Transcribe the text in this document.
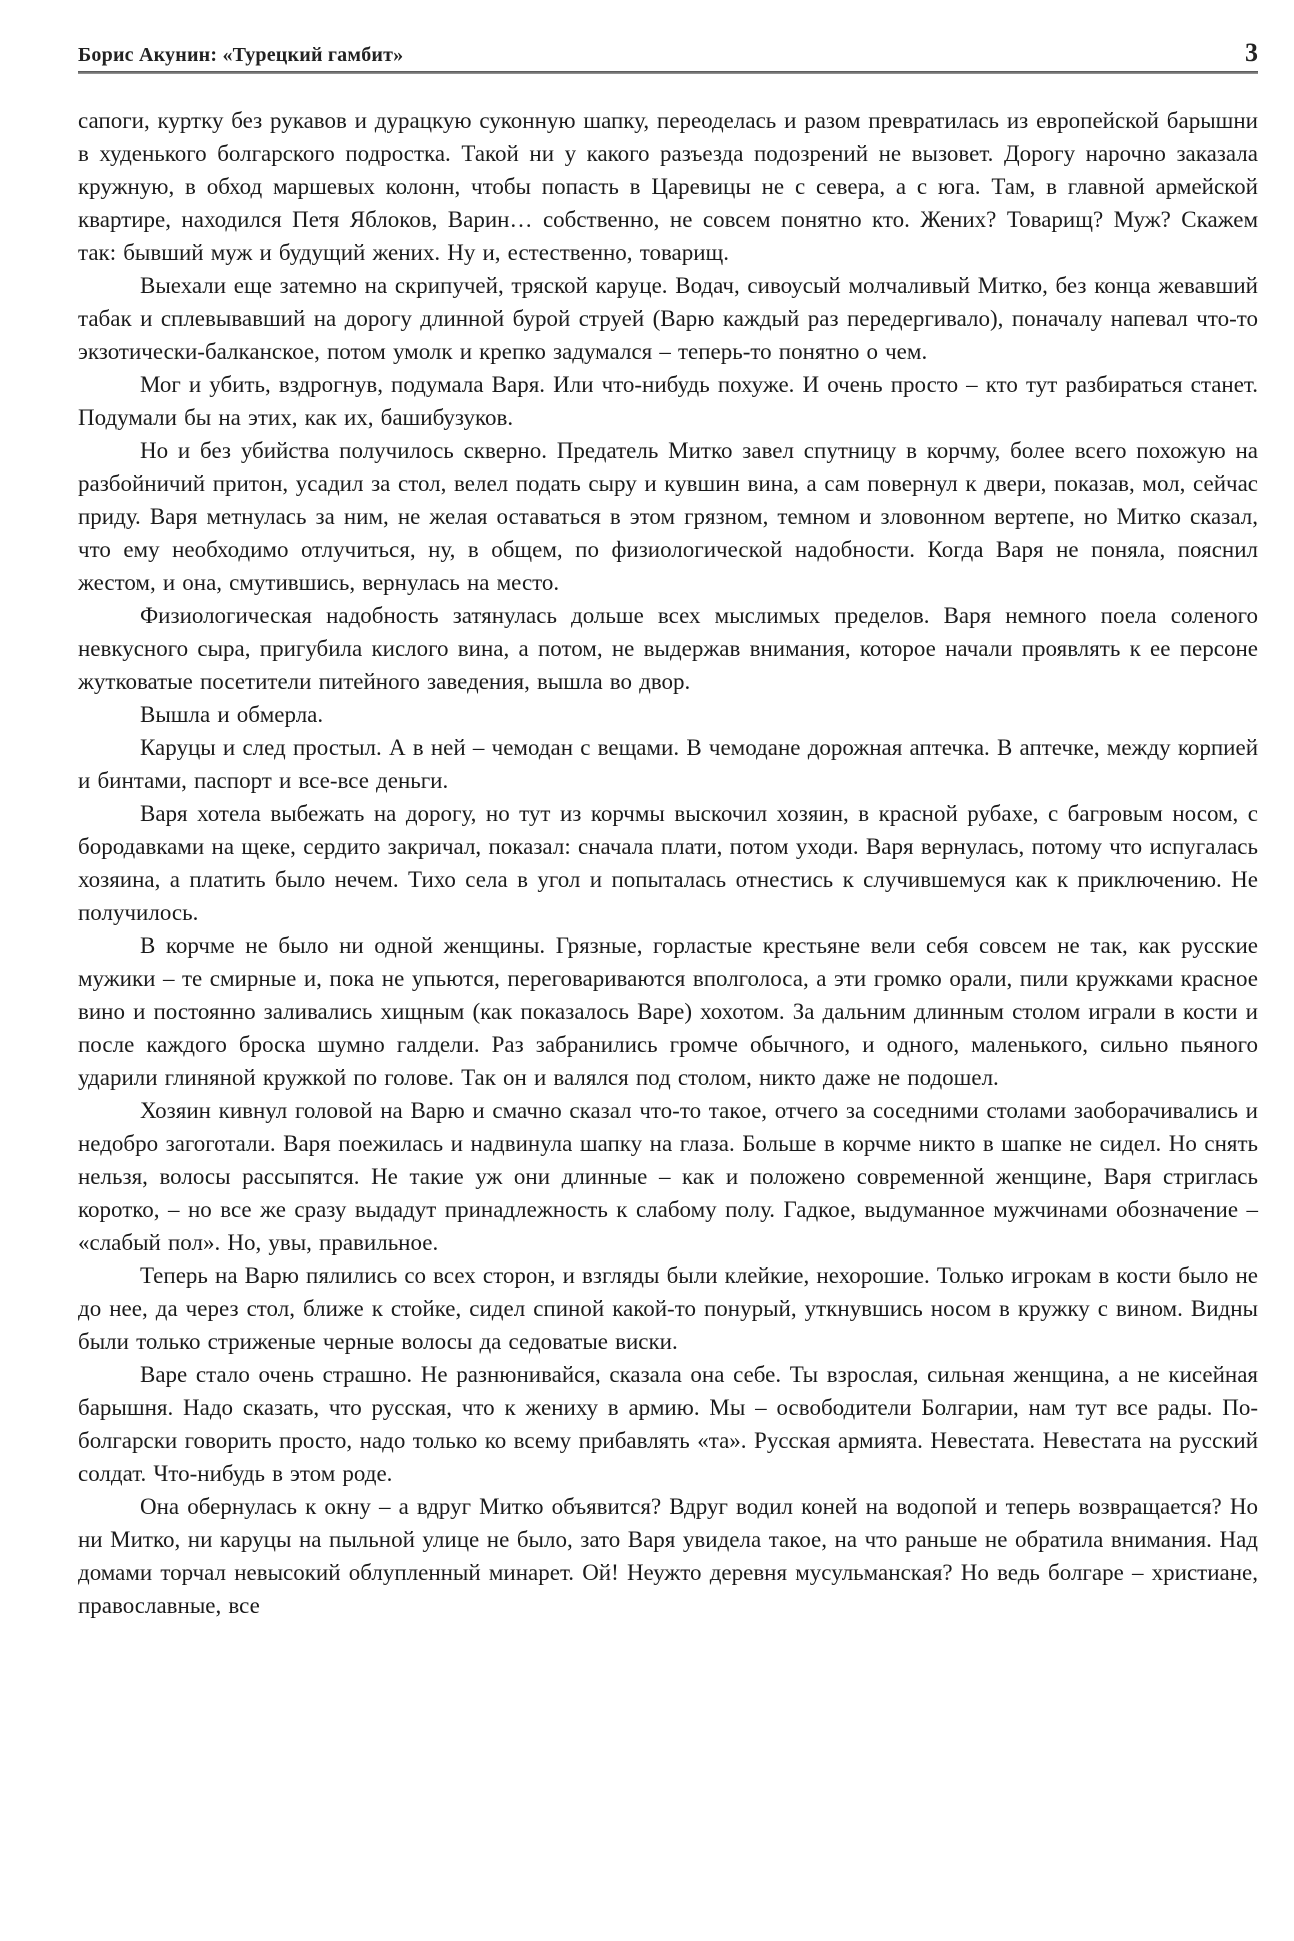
Борис Акунин: «Турецкий гамбит»	3

сапоги, куртку без рукавов и дурацкую суконную шапку, переоделась и разом превратилась из европейской барышни в худенького болгарского подростка. Такой ни у какого разъезда подозрений не вызовет. Дорогу нарочно заказала кружную, в обход маршевых колонн, чтобы попасть в Царевицы не с севера, а с юга. Там, в главной армейской квартире, находился Петя Яблоков, Варин… собственно, не совсем понятно кто. Жених? Товарищ? Муж? Скажем так: бывший муж и будущий жених. Ну и, естественно, товарищ.

Выехали еще затемно на скрипучей, тряской каруце. Водач, сивоусый молчаливый Митко, без конца жевавший табак и сплевывавший на дорогу длинной бурой струей (Варю каждый раз передергивало), поначалу напевал что-то экзотически-балканское, потом умолк и крепко задумался – теперь-то понятно о чем.

Мог и убить, вздрогнув, подумала Варя. Или что-нибудь похуже. И очень просто – кто тут разбираться станет. Подумали бы на этих, как их, башибузуков.

Но и без убийства получилось скверно. Предатель Митко завел спутницу в корчму, более всего похожую на разбойничий притон, усадил за стол, велел подать сыру и кувшин вина, а сам повернул к двери, показав, мол, сейчас приду. Варя метнулась за ним, не желая оставаться в этом грязном, темном и зловонном вертепе, но Митко сказал, что ему необходимо отлучиться, ну, в общем, по физиологической надобности. Когда Варя не поняла, пояснил жестом, и она, смутившись, вернулась на место.

Физиологическая надобность затянулась дольше всех мыслимых пределов. Варя немного поела соленого невкусного сыра, пригубила кислого вина, а потом, не выдержав внимания, которое начали проявлять к ее персоне жутковатые посетители питейного заведения, вышла во двор.

Вышла и обмерла.

Каруцы и след простыл. А в ней – чемодан с вещами. В чемодане дорожная аптечка. В аптечке, между корпией и бинтами, паспорт и все-все деньги.

Варя хотела выбежать на дорогу, но тут из корчмы выскочил хозяин, в красной рубахе, с багровым носом, с бородавками на щеке, сердито закричал, показал: сначала плати, потом уходи. Варя вернулась, потому что испугалась хозяина, а платить было нечем. Тихо села в угол и попыталась отнестись к случившемуся как к приключению. Не получилось.

В корчме не было ни одной женщины. Грязные, горластые крестьяне вели себя совсем не так, как русские мужики – те смирные и, пока не упьются, переговариваются вполголоса, а эти громко орали, пили кружками красное вино и постоянно заливались хищным (как показалось Варе) хохотом. За дальним длинным столом играли в кости и после каждого броска шумно галдели. Раз забранились громче обычного, и одного, маленького, сильно пьяного ударили глиняной кружкой по голове. Так он и валялся под столом, никто даже не подошел.

Хозяин кивнул головой на Варю и смачно сказал что-то такое, отчего за соседними столами заоборачивались и недобро загоготали. Варя поежилась и надвинула шапку на глаза. Больше в корчме никто в шапке не сидел. Но снять нельзя, волосы рассыпятся. Не такие уж они длинные – как и положено современной женщине, Варя стриглась коротко, – но все же сразу выдадут принадлежность к слабому полу. Гадкое, выдуманное мужчинами обозначение – «слабый пол». Но, увы, правильное.

Теперь на Варю пялились со всех сторон, и взгляды были клейкие, нехорошие. Только игрокам в кости было не до нее, да через стол, ближе к стойке, сидел спиной какой-то понурый, уткнувшись носом в кружку с вином. Видны были только стриженые черные волосы да седоватые виски.

Варе стало очень страшно. Не разнюнивайся, сказала она себе. Ты взрослая, сильная женщина, а не кисейная барышня. Надо сказать, что русская, что к жениху в армию. Мы – освободители Болгарии, нам тут все рады. По-болгарски говорить просто, надо только ко всему прибавлять «та». Русская армията. Невестата. Невестата на русский солдат. Что-нибудь в этом роде.

Она обернулась к окну – а вдруг Митко объявится? Вдруг водил коней на водопой и теперь возвращается? Но ни Митко, ни каруцы на пыльной улице не было, зато Варя увидела такое, на что раньше не обратила внимания. Над домами торчал невысокий облупленный минарет. Ой! Неужто деревня мусульманская? Но ведь болгаре – христиане, православные, все
